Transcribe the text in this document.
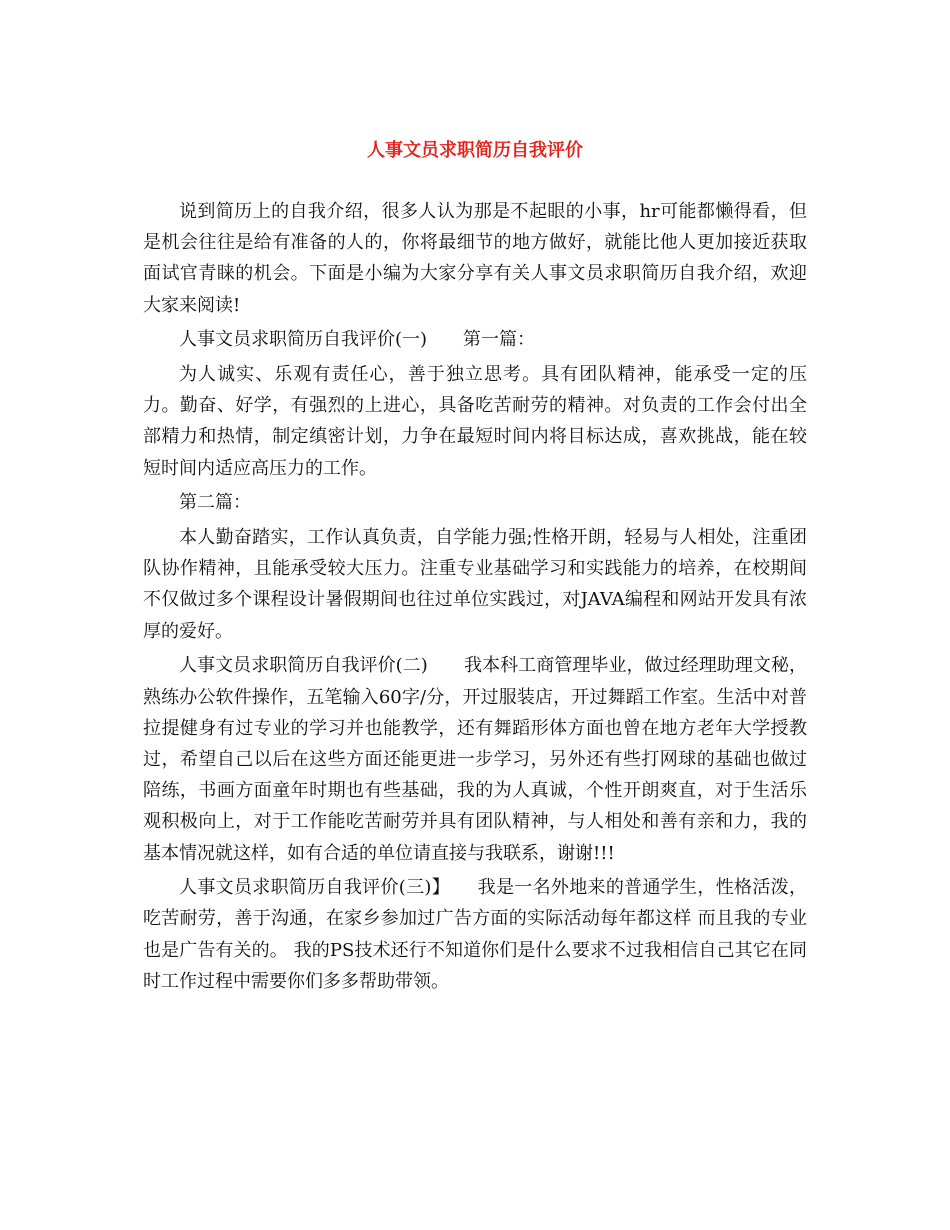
人事文员求职简历自我评价

说到简历上的自我介绍，很多人认为那是不起眼的小事，hr可能都懒得看，但是机会往往是给有准备的人的，你将最细节的地方做好，就能比他人更加接近获取面试官青睐的机会。下面是小编为大家分享有关人事文员求职简历自我介绍，欢迎大家来阅读!

人事文员求职简历自我评价(一)　　第一篇：

为人诚实、乐观有责任心，善于独立思考。具有团队精神，能承受一定的压力。勤奋、好学，有强烈的上进心，具备吃苦耐劳的精神。对负责的工作会付出全部精力和热情，制定缜密计划，力争在最短时间内将目标达成，喜欢挑战，能在较短时间内适应高压力的工作。

第二篇：

本人勤奋踏实，工作认真负责，自学能力强;性格开朗，轻易与人相处，注重团队协作精神，且能承受较大压力。注重专业基础学习和实践能力的培养，在校期间不仅做过多个课程设计暑假期间也往过单位实践过，对JAVA编程和网站开发具有浓厚的爱好。

人事文员求职简历自我评价(二)　　我本科工商管理毕业，做过经理助理文秘，熟练办公软件操作，五笔输入60字/分，开过服装店，开过舞蹈工作室。生活中对普拉提健身有过专业的学习并也能教学，还有舞蹈形体方面也曾在地方老年大学授教过，希望自己以后在这些方面还能更进一步学习，另外还有些打网球的基础也做过陪练，书画方面童年时期也有些基础，我的为人真诚，个性开朗爽直，对于生活乐观积极向上，对于工作能吃苦耐劳并具有团队精神，与人相处和善有亲和力，我的基本情况就这样，如有合适的单位请直接与我联系，谢谢!!!

人事文员求职简历自我评价(三)】　　我是一名外地来的普通学生，性格活泼，吃苦耐劳，善于沟通，在家乡参加过广告方面的实际活动每年都这样 而且我的专业也是广告有关的。 我的PS技术还行不知道你们是什么要求不过我相信自己其它在同时工作过程中需要你们多多帮助带领。
